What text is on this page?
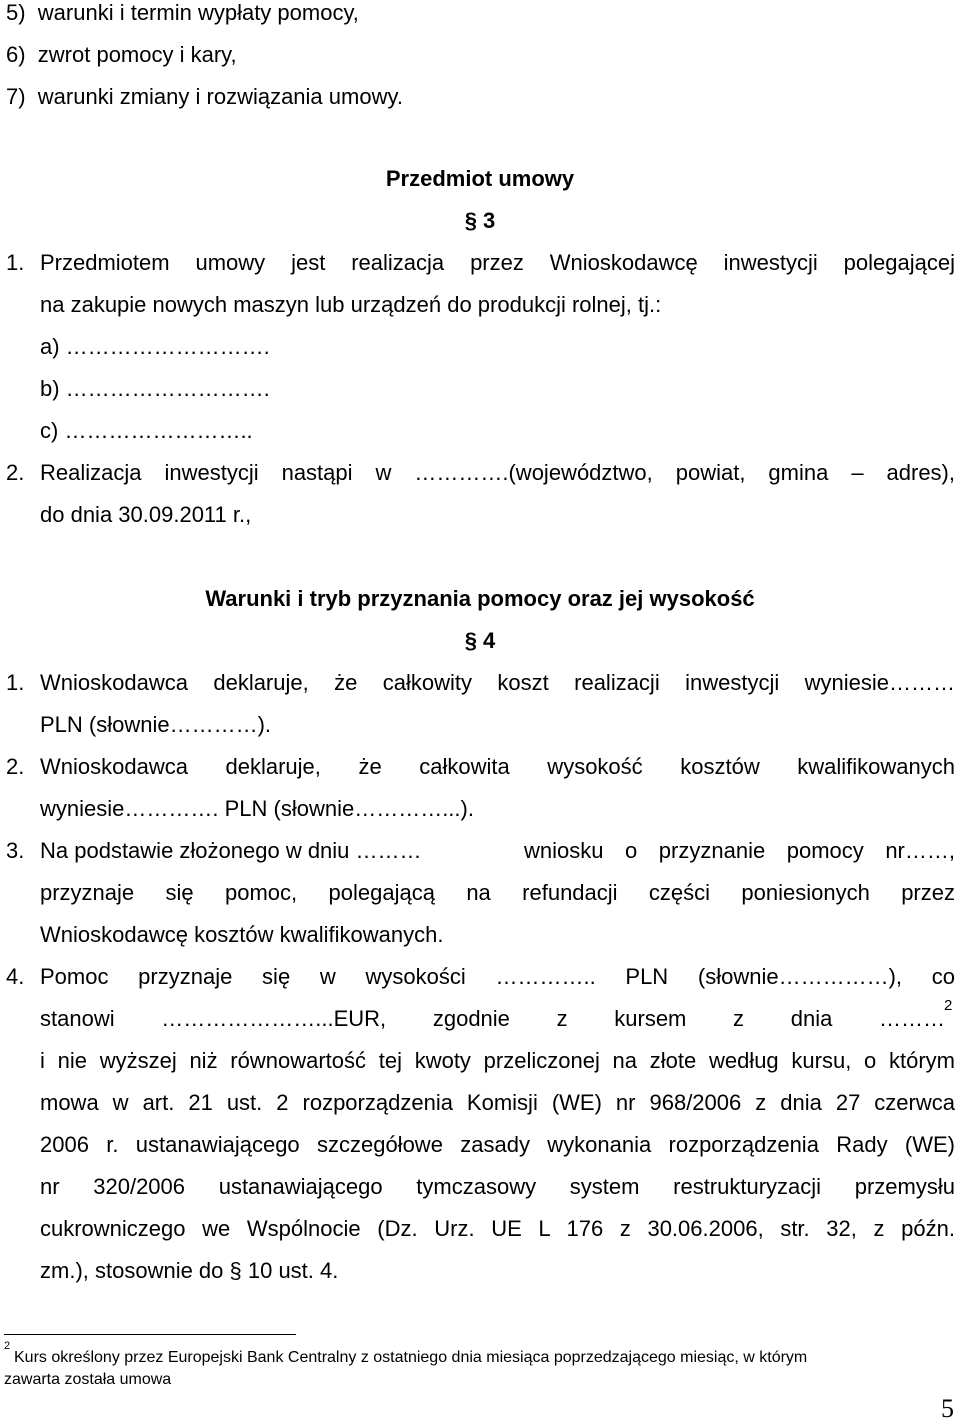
5)  warunki i termin wypłaty pomocy,
6)  zwrot pomocy i kary,
7)  warunki zmiany i rozwiązania umowy.
Przedmiot umowy
§ 3
1. Przedmiotem umowy jest realizacja przez Wnioskodawcę inwestycji polegającej
na zakupie nowych maszyn lub urządzeń do produkcji rolnej, tj.:
a) ……………………….
b) ……………………….
c) ……………………..
2. Realizacja inwestycji nastąpi w ………….(województwo, powiat, gmina – adres),
do dnia 30.09.2011 r.,
Warunki i tryb przyznania pomocy oraz jej wysokość
§ 4
1. Wnioskodawca deklaruje, że całkowity koszt realizacji inwestycji wyniesie………
PLN (słownie…………).
2. Wnioskodawca deklaruje, że całkowita wysokość kosztów kwalifikowanych
wyniesie…………. PLN (słownie…………...).
3. Na podstawie złożonego w dniu ………	wniosku o przyznanie pomocy nr……,
przyznaje się pomoc, polegającą na refundacji części poniesionych przez
Wnioskodawcę kosztów kwalifikowanych.
4. Pomoc przyznaje się w wysokości ………….. PLN (słownie……………), co
stanowi …………………...EUR, zgodnie z kursem z dnia ………
2
i nie wyższej niż równowartość tej kwoty przeliczonej na złote według kursu, o którym
mowa w art. 21 ust. 2 rozporządzenia Komisji (WE) nr 968/2006 z dnia 27 czerwca
2006 r. ustanawiającego szczegółowe zasady wykonania rozporządzenia Rady (WE)
nr 320/2006 ustanawiającego tymczasowy system restrukturyzacji przemysłu
cukrowniczego we Wspólnocie (Dz. Urz. UE L 176 z 30.06.2006, str. 32, z późn.
zm.), stosownie do § 10 ust. 4.
2
Kurs określony przez Europejski Bank Centralny z ostatniego dnia miesiąca poprzedzającego miesiąc, w którym
zawarta została umowa
5
